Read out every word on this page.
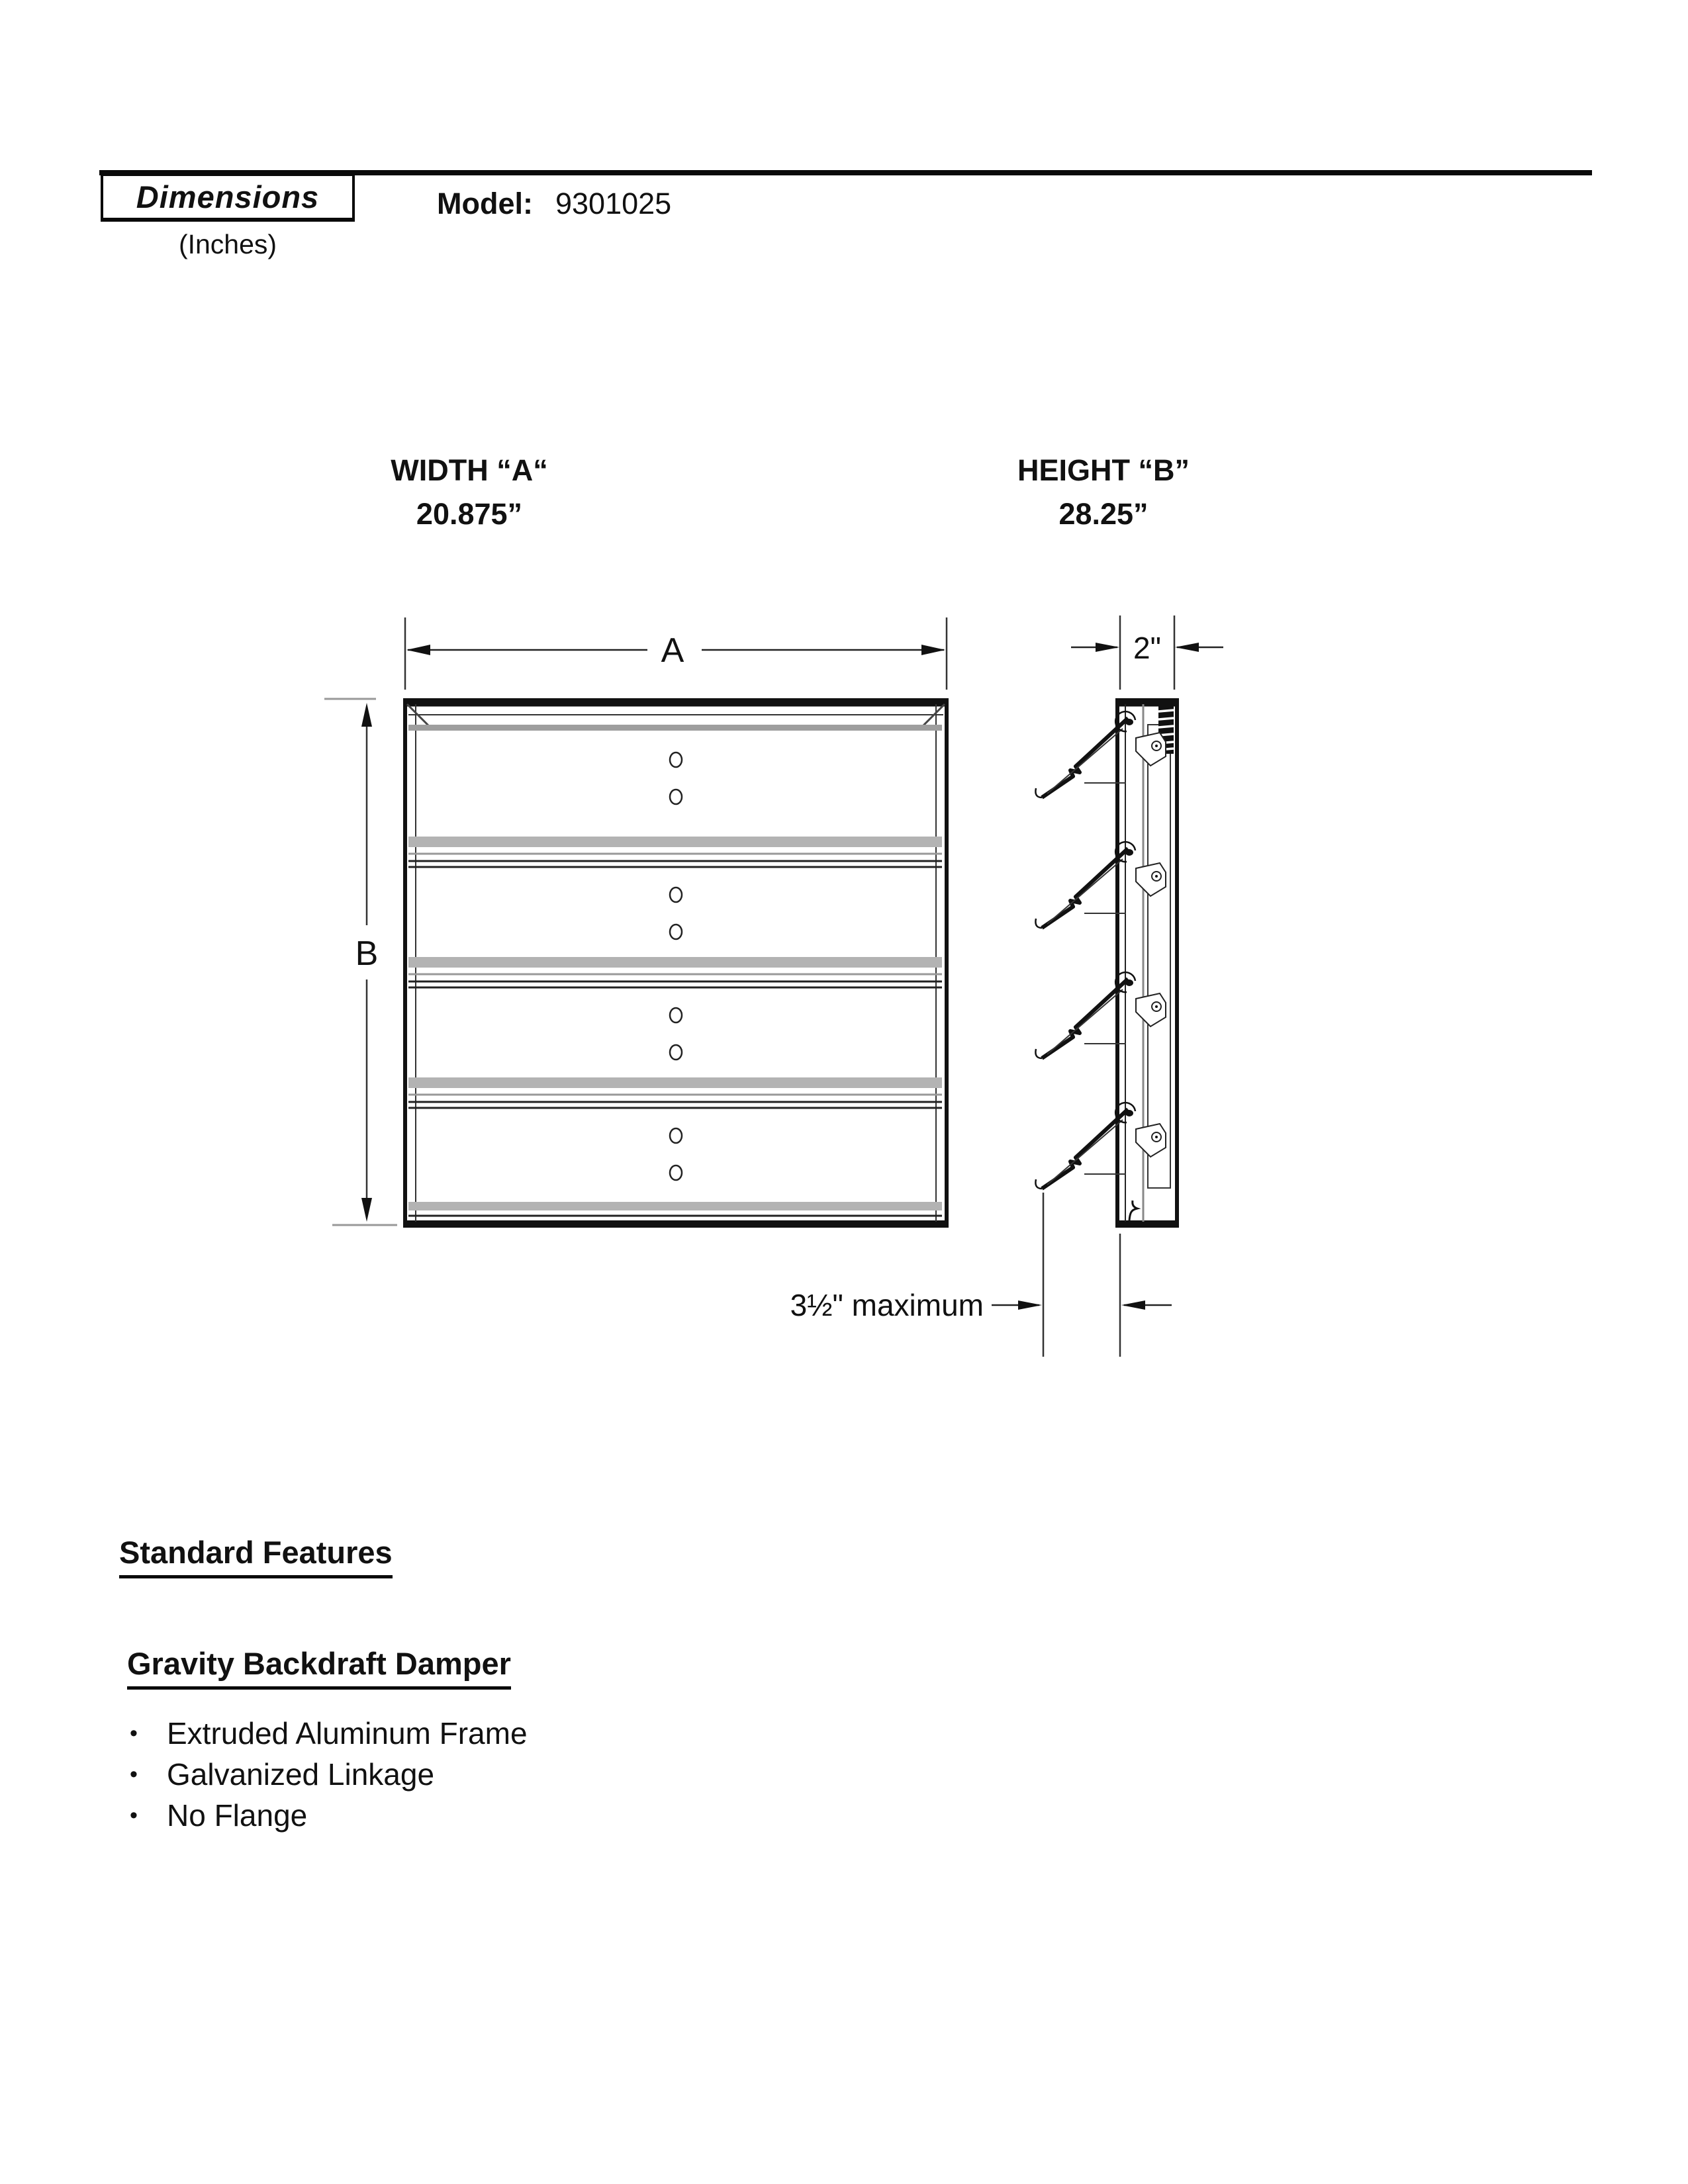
Dimensions
(Inches)
Model: 9301025
WIDTH “A“
20.875”
HEIGHT “B”
28.25”
A
B
2"
3½" maximum
Standard Features
Gravity Backdraft Damper
• Extruded Aluminum Frame
• Galvanized Linkage
• No Flange
